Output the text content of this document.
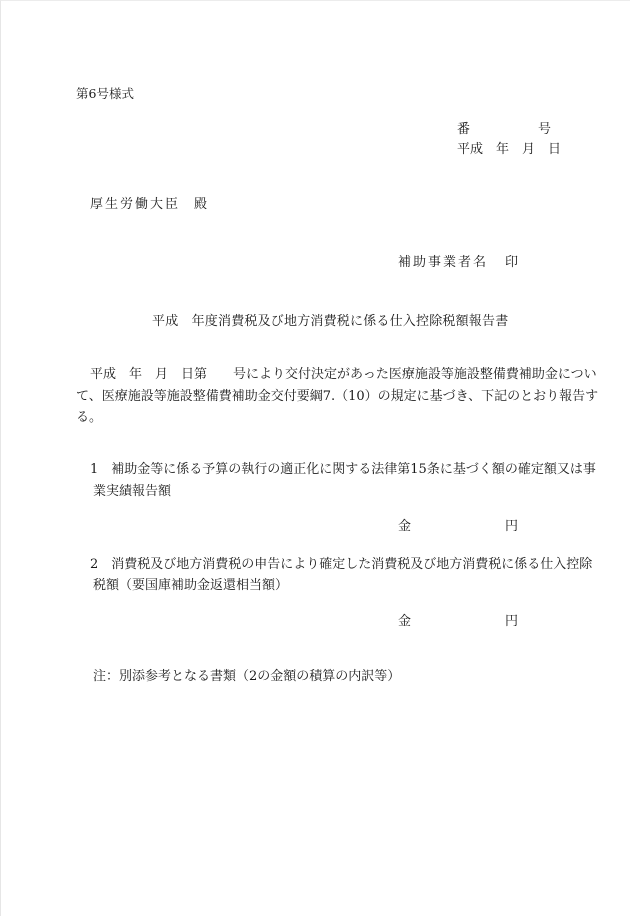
第6号様式
番	号
平成　年　月　日
厚生労働大臣 殿
補助事業者名 印
平成　年度消費税及び地方消費税に係る仕入控除税額報告書
平成　年　月　日第　　号により交付決定があった医療施設等施設整備費補助金につい
て、医療施設等施設整備費補助金交付要綱7.（10）の規定に基づき、下記のとおり報告す
る。
1　補助金等に係る予算の執行の適正化に関する法律第15条に基づく額の確定額又は事
業実績報告額
金	円
2　消費税及び地方消費税の申告により確定した消費税及び地方消費税に係る仕入控除
税額（要国庫補助金返還相当額）
金	円
注：別添参考となる書類（2の金額の積算の内訳等）
